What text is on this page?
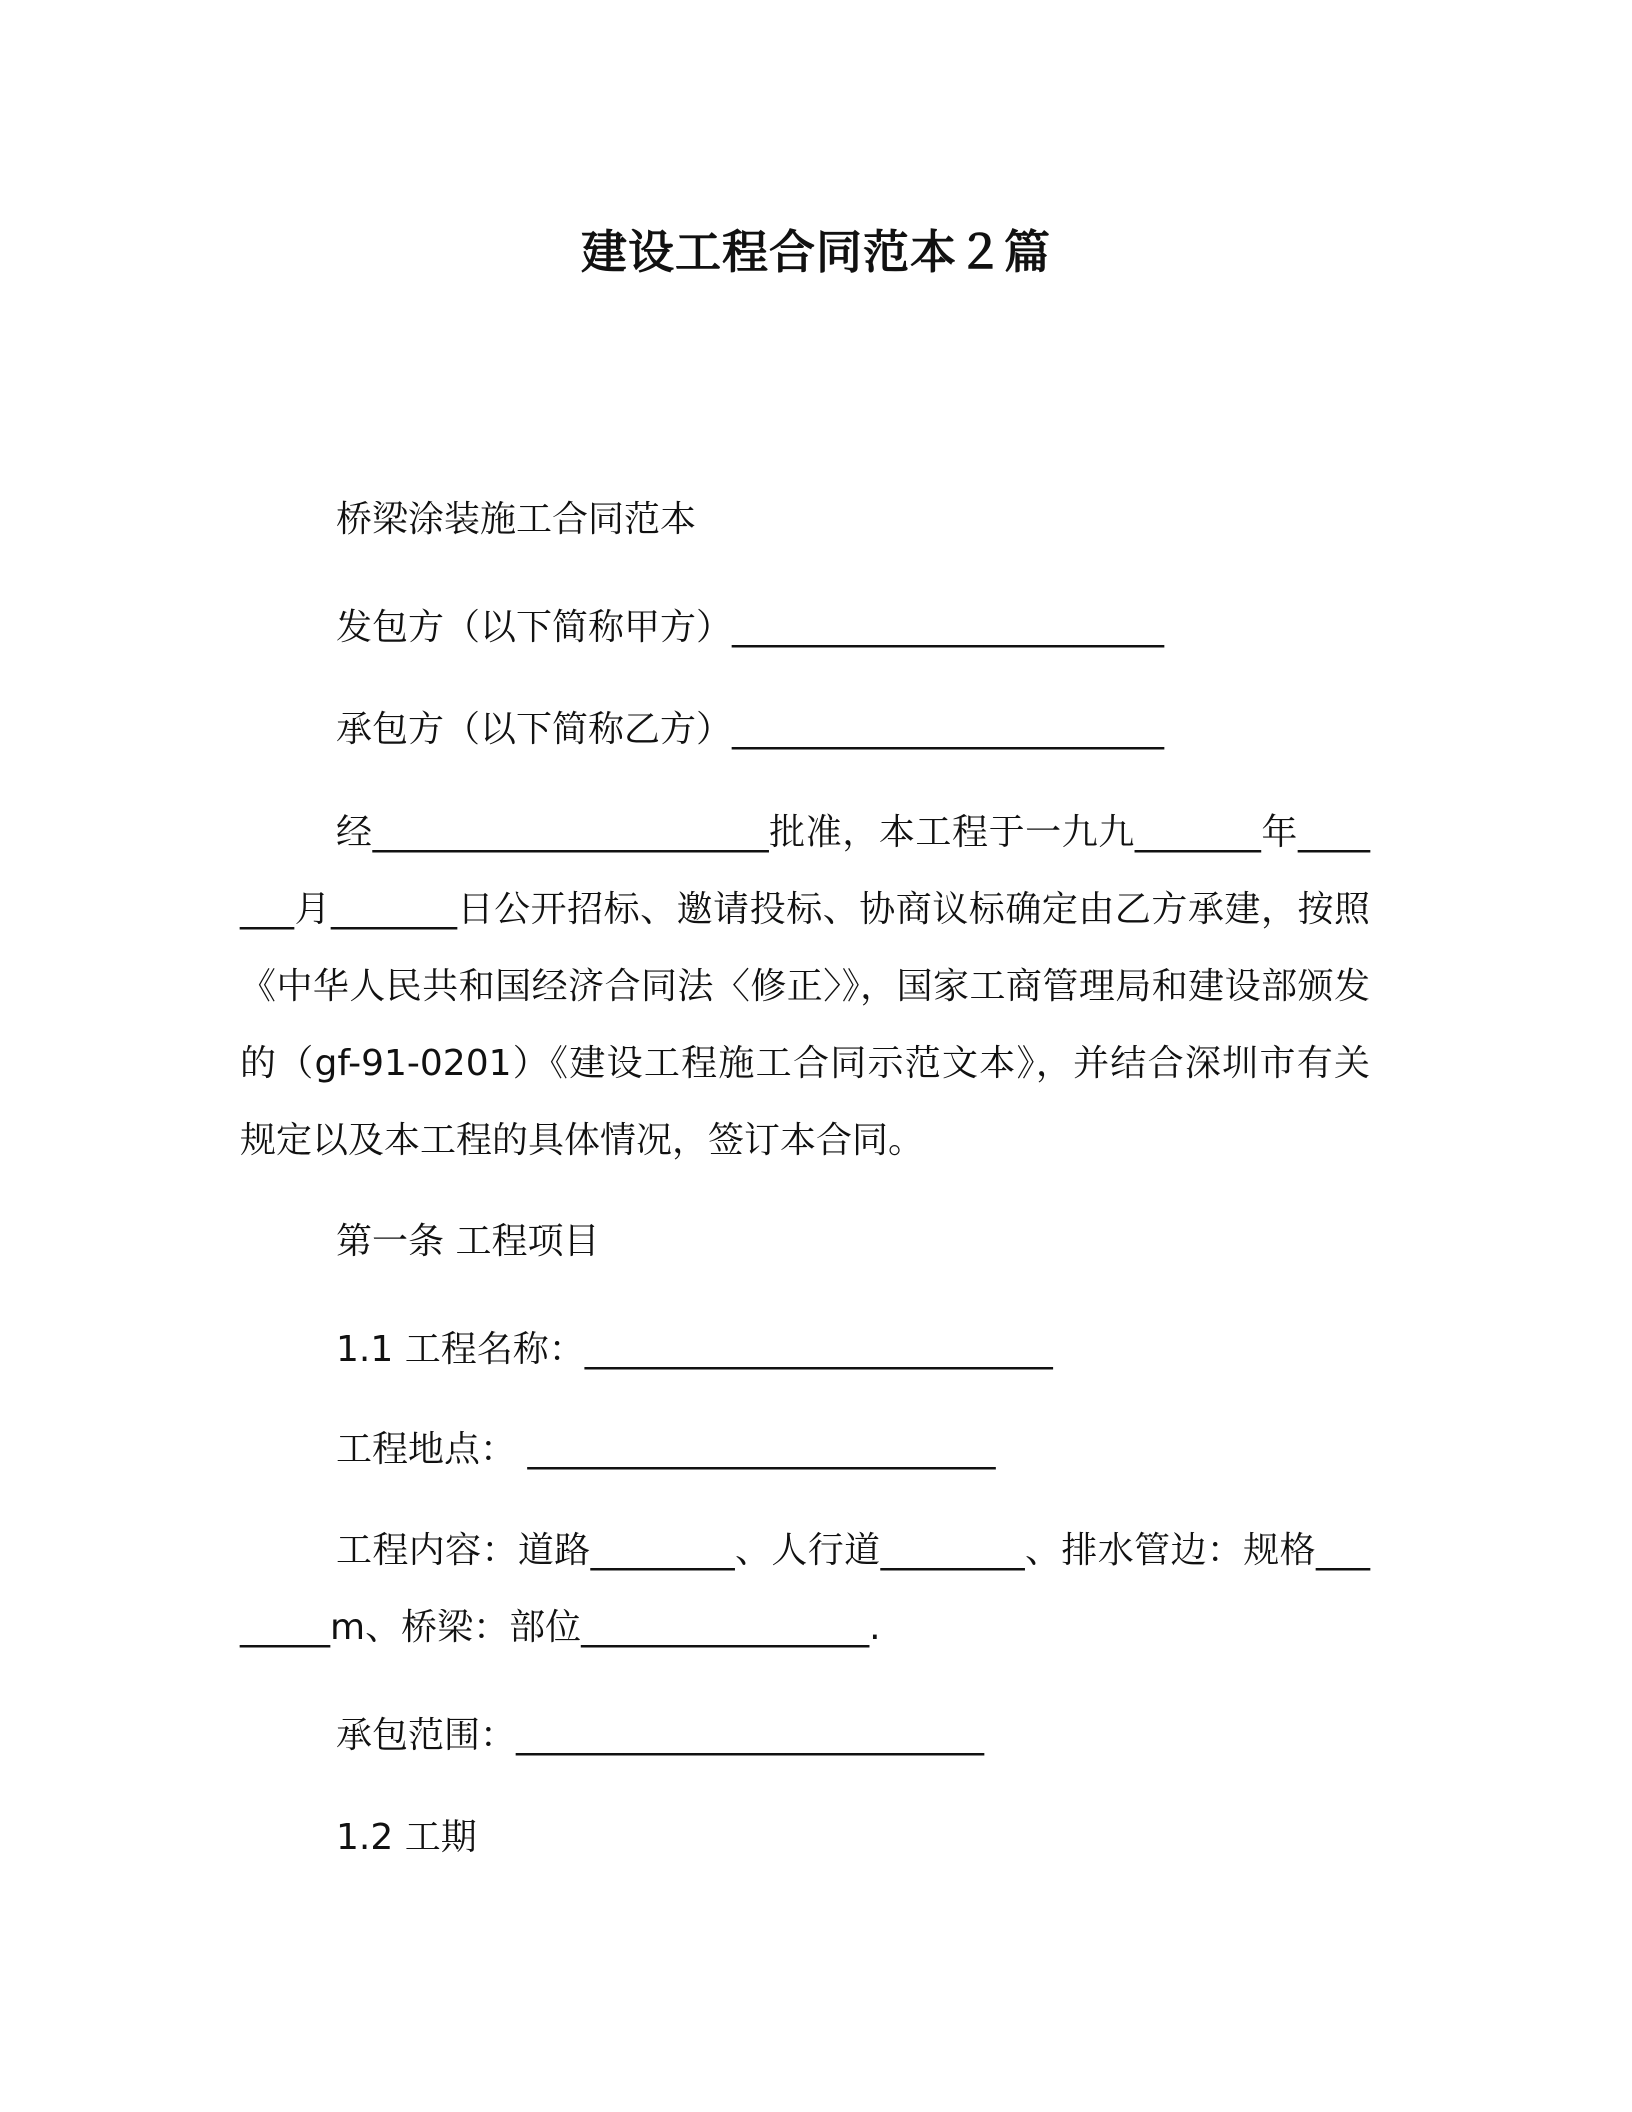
建设工程合同范本２篇
桥梁涂装施工合同范本
发包方（以下简称甲方）________________________
承包方（以下简称乙方）________________________
经______________________批准，本工程于一九九_______年_______月_______日公开招标、邀请投标、协商议标确定由乙方承建，按照《中华人民共和国经济合同法〈修正〉》，国家工商管理局和建设部颁发的（gf-91-0201）《建设工程施工合同示范文本》，并结合深圳市有关规定以及本工程的具体情况，签订本合同。
第一条 工程项目
1.1 工程名称：__________________________
工程地点： __________________________
工程内容：道路________、人行道________、排水管边：规格________m、桥梁：部位________________.
承包范围：__________________________
1.2 工期
